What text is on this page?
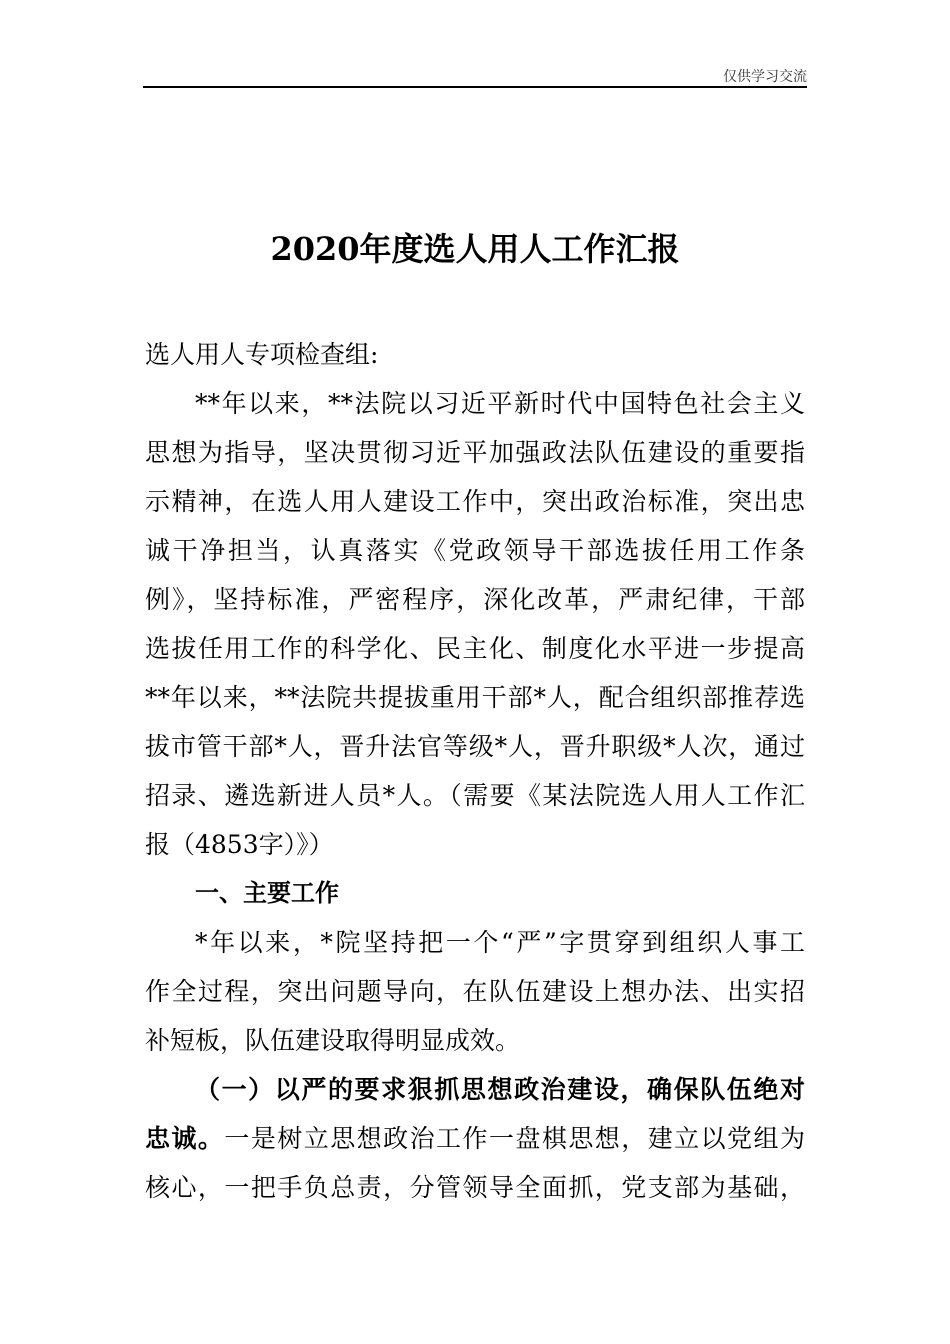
仅供学习交流
2020年度选人用人工作汇报
选人用人专项检查组:
**年以来，**法院以习近平新时代中国特色社会主义
思想为指导，坚决贯彻习近平加强政法队伍建设的重要指
示精神，在选人用人建设工作中，突出政治标准，突出忠
诚干净担当，认真落实《党政领导干部选拔任用工作条
例》，坚持标准，严密程序，深化改革，严肃纪律，干部
选拔任用工作的科学化、民主化、制度化水平进一步提高
**年以来，**法院共提拔重用干部*人，配合组织部推荐选
拔市管干部*人，晋升法官等级*人，晋升职级*人次，通过
招录、遴选新进人员*人。（需要《某法院选人用人工作汇
报（4853字）》）
一、主要工作
*年以来，*院坚持把一个“严”字贯穿到组织人事工
作全过程，突出问题导向，在队伍建设上想办法、出实招
补短板，队伍建设取得明显成效。
（一）以严的要求狠抓思想政治建设，确保队伍绝对
忠诚。一是树立思想政治工作一盘棋思想，建立以党组为
核心，一把手负总责，分管领导全面抓，党支部为基础，
